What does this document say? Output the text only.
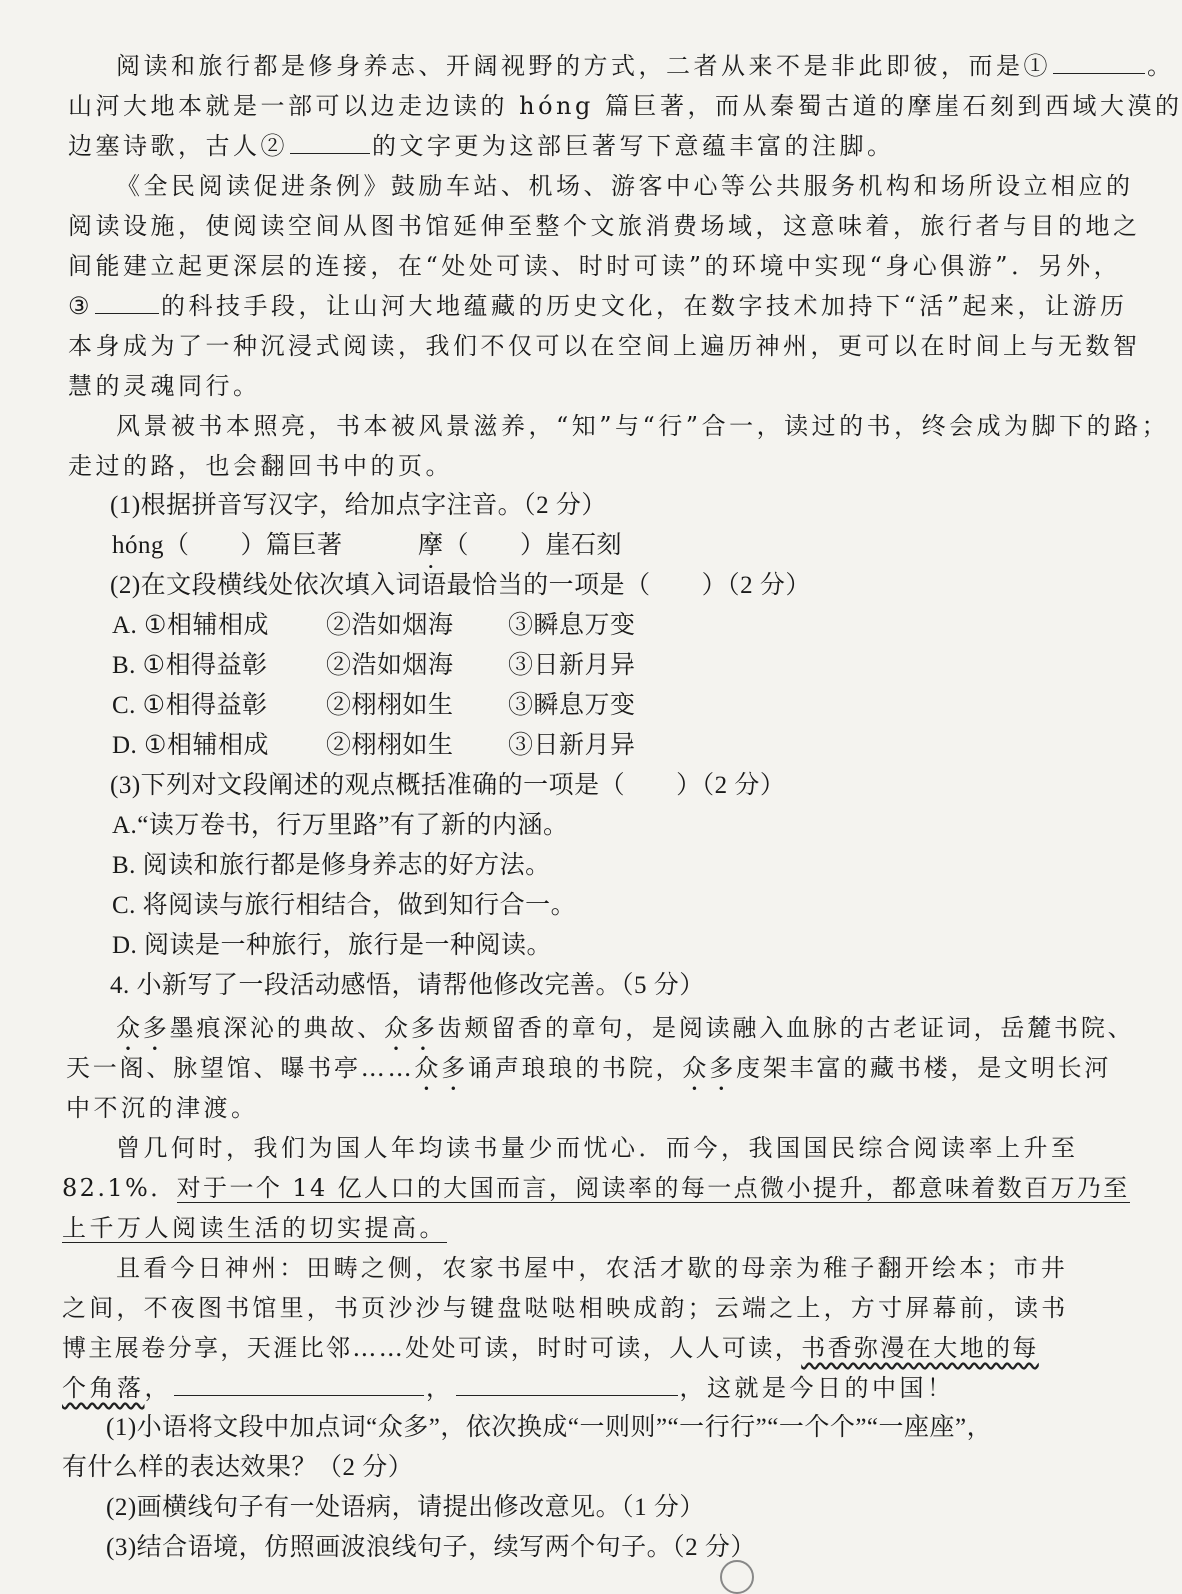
阅读和旅行都是修身养志、开阔视野的方式，二者从来不是非此即彼，而是①	。
山河大地本就是一部可以边走边读的 hóng 篇巨著，而从秦蜀古道的摩崖石刻到西域大漠的
边塞诗歌，古人②	的文字更为这部巨著写下意蕴丰富的注脚。
《全民阅读促进条例》鼓励车站、机场、游客中心等公共服务机构和场所设立相应的
阅读设施，使阅读空间从图书馆延伸至整个文旅消费场域，这意味着，旅行者与目的地之
间能建立起更深层的连接，在“处处可读、时时可读”的环境中实现“身心俱游”．另外，
③	的科技手段，让山河大地蕴藏的历史文化，在数字技术加持下“活”起来，让游历
本身成为了一种沉浸式阅读，我们不仅可以在空间上遍历神州，更可以在时间上与无数智
慧的灵魂同行。
风景被书本照亮，书本被风景滋养，“知”与“行”合一，读过的书，终会成为脚下的路；
走过的路，也会翻回书中的页。
(1)根据拼音写汉字，给加点字注音。（2 分）
hóng（　　）篇巨著	摩（　　）崖石刻
(2)在文段横线处依次填入词语最恰当的一项是（　　）（2 分）
A. ①相辅相成 ②浩如烟海 ③瞬息万变
B. ①相得益彰 ②浩如烟海 ③日新月异
C. ①相得益彰 ②栩栩如生 ③瞬息万变
D. ①相辅相成 ②栩栩如生 ③日新月异
(3)下列对文段阐述的观点概括准确的一项是（　　）（2 分）
A.“读万卷书，行万里路”有了新的内涵。
B. 阅读和旅行都是修身养志的好方法。
C. 将阅读与旅行相结合，做到知行合一。
D. 阅读是一种旅行，旅行是一种阅读。
4. 小新写了一段活动感悟，请帮他修改完善。（5 分）
众多墨痕深沁的典故、众多齿颊留香的章句，是阅读融入血脉的古老证词，岳麓书院、
天一阁、脉望馆、曝书亭……众多诵声琅琅的书院，众多庋架丰富的藏书楼，是文明长河
中不沉的津渡。
曾几何时，我们为国人年均读书量少而忧心．而今，我国国民综合阅读率上升至
82.1%．对于一个 14 亿人口的大国而言，阅读率的每一点微小提升，都意味着数百万乃至
上千万人阅读生活的切实提高。
且看今日神州：田畴之侧，农家书屋中，农活才歇的母亲为稚子翻开绘本；市井
之间，不夜图书馆里，书页沙沙与键盘哒哒相映成韵；云端之上，方寸屏幕前，读书
博主展卷分享，天涯比邻……处处可读，时时可读，人人可读，书香弥漫在大地的每
个角落，	，	，这就是今日的中国！
(1)小语将文段中加点词“众多”，依次换成“一则则”“一行行”“一个个”“一座座”，
有什么样的表达效果？（2 分）
(2)画横线句子有一处语病，请提出修改意见。（1 分）
(3)结合语境，仿照画波浪线句子，续写两个句子。（2 分）
